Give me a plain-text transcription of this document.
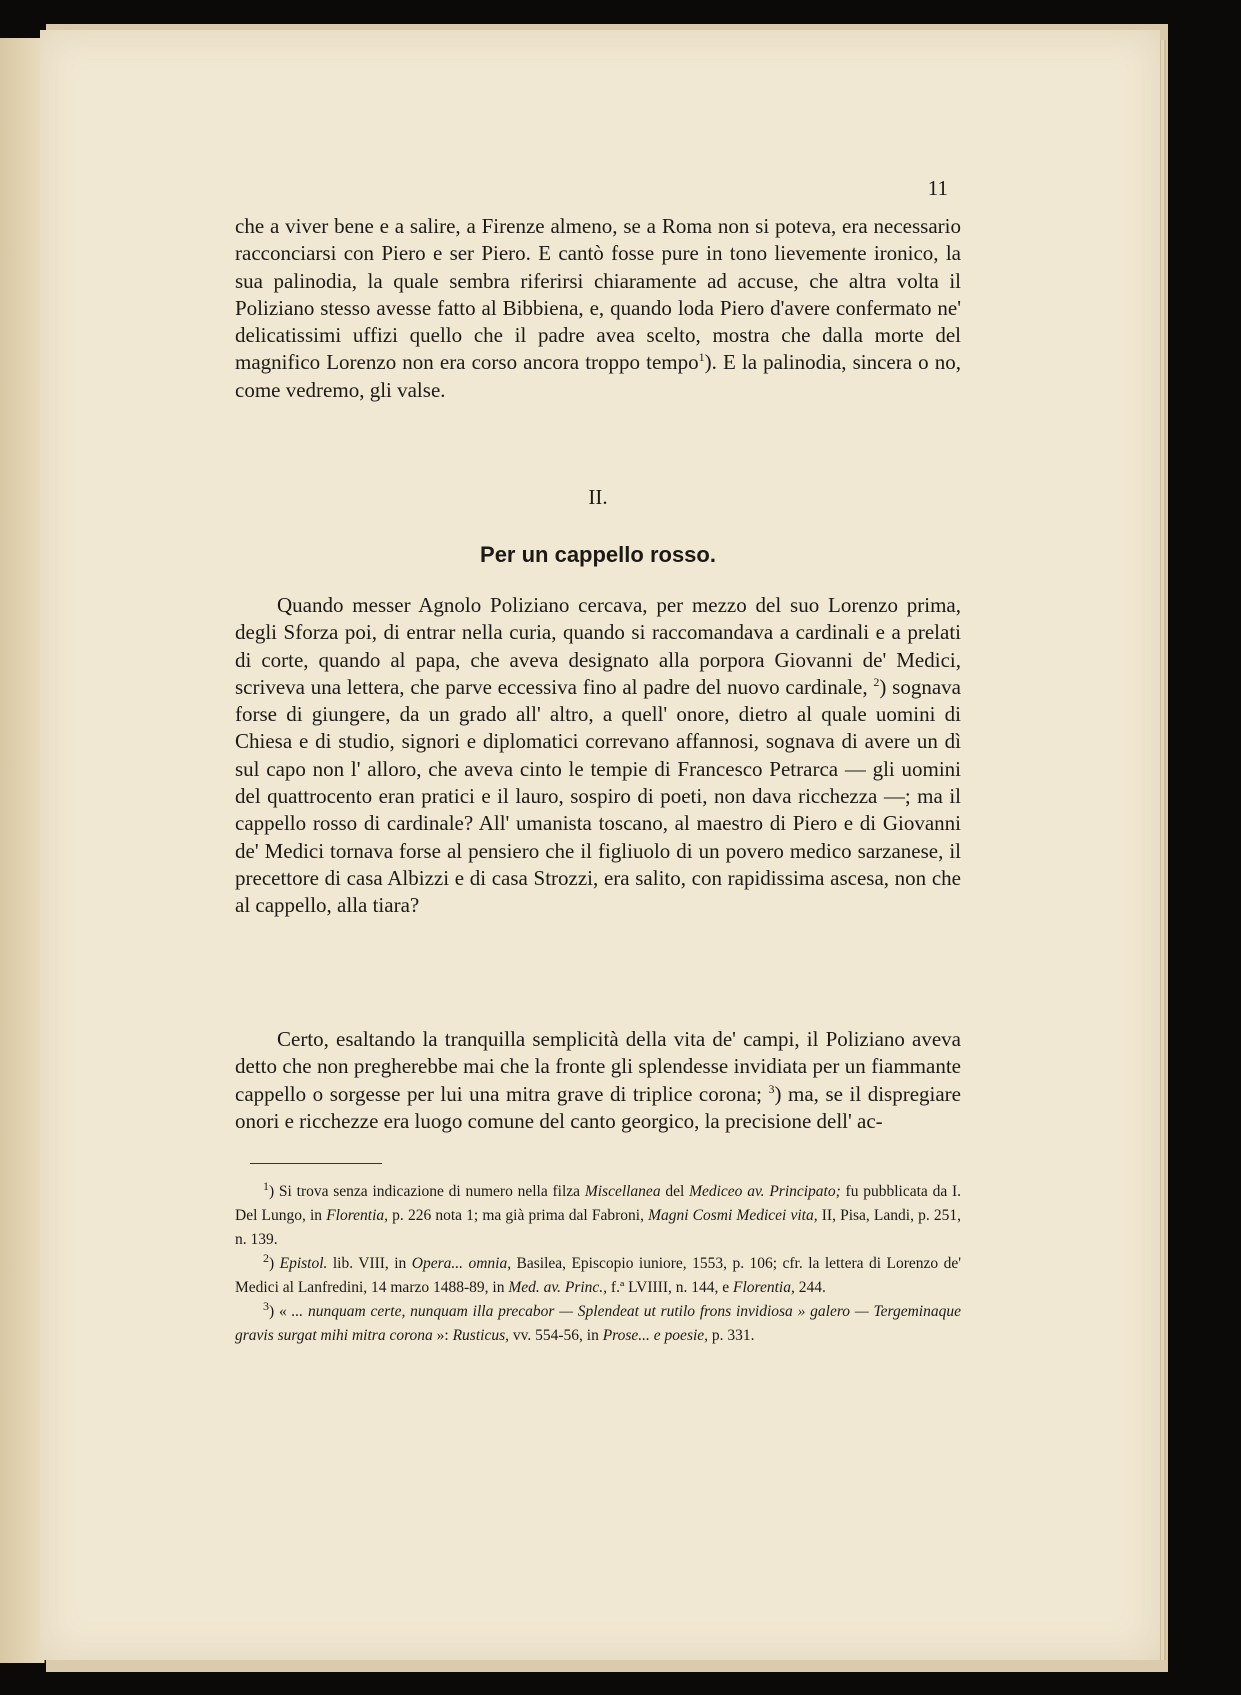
11

che a viver bene e a salire, a Firenze almeno, se a Roma non si poteva, era necessario racconciarsi con Piero e ser Piero. E cantò fosse pure in tono lievemente ironico, la sua palinodia, la quale sembra riferirsi chiaramente ad accuse, che altra volta il Poliziano stesso avesse fatto al Bibbiena, e, quando loda Piero d'avere confermato ne' delicatissimi uffizi quello che il padre avea scelto, mostra che dalla morte del magnifico Lorenzo non era corso ancora troppo tempo$^1$). E la palinodia, sincera o no, come vedremo, gli valse.

II.
Per un cappello rosso.

Quando messer Agnolo Poliziano cercava, per mezzo del suo Lorenzo prima, degli Sforza poi, di entrar nella curia, quando si raccomandava a cardinali e a prelati di corte, quando al papa, che aveva designato alla porpora Giovanni de' Medici, scriveva una lettera, che parve eccessiva fino al padre del nuovo cardinale, $^2$) sognava forse di giungere, da un grado all' altro, a quell' onore, dietro al quale uomini di Chiesa e di studio, signori e diplomatici correvano affannosi, sognava di avere un dì sul capo non l' alloro, che aveva cinto le tempie di Francesco Petrarca — gli uomini del quattrocento eran pratici e il lauro, sospiro di poeti, non dava ricchezza —; ma il cappello rosso di cardinale? All' umanista toscano, al maestro di Piero e di Giovanni de' Medici tornava forse al pensiero che il figliuolo di un povero medico sarzanese, il precettore di casa Albizzi e di casa Strozzi, era salito, con rapidissima ascesa, non che al cappello, alla tiara?

Certo, esaltando la tranquilla semplicità della vita de' campi, il Poliziano aveva detto che non pregherebbe mai che la fronte gli splendesse invidiata per un fiammante cappello o sorgesse per lui una mitra grave di triplice corona; $^3$) ma, se il dispregiare onori e ricchezze era luogo comune del canto georgico, la precisione dell' ac-

$^1$) Si trova senza indicazione di numero nella filza Miscellanea del Mediceo av. Principato; fu pubblicata da I. Del Lungo, in Florentia, p. 226 nota 1; ma già prima dal Fabroni, Magni Cosmi Medicei vita, II, Pisa, Landi, p. 251, n. 139.

$^2$) Epistol. lib. VIII, in Opera... omnia, Basilea, Episcopio iuniore, 1553, p. 106; cfr. la lettera di Lorenzo de' Medici al Lanfredini, 14 marzo 1488-89, in Med. av. Princ., f.ª LVIIII, n. 144, e Florentia, 244.

$^3$) « ... nunquam certe, nunquam illa precabor — Splendeat ut rutilo frons invidiosa » galero — Tergeminaque gravis surgat mihi mitra corona »: Rusticus, vv. 554-56, in Prose... e poesie, p. 331.
